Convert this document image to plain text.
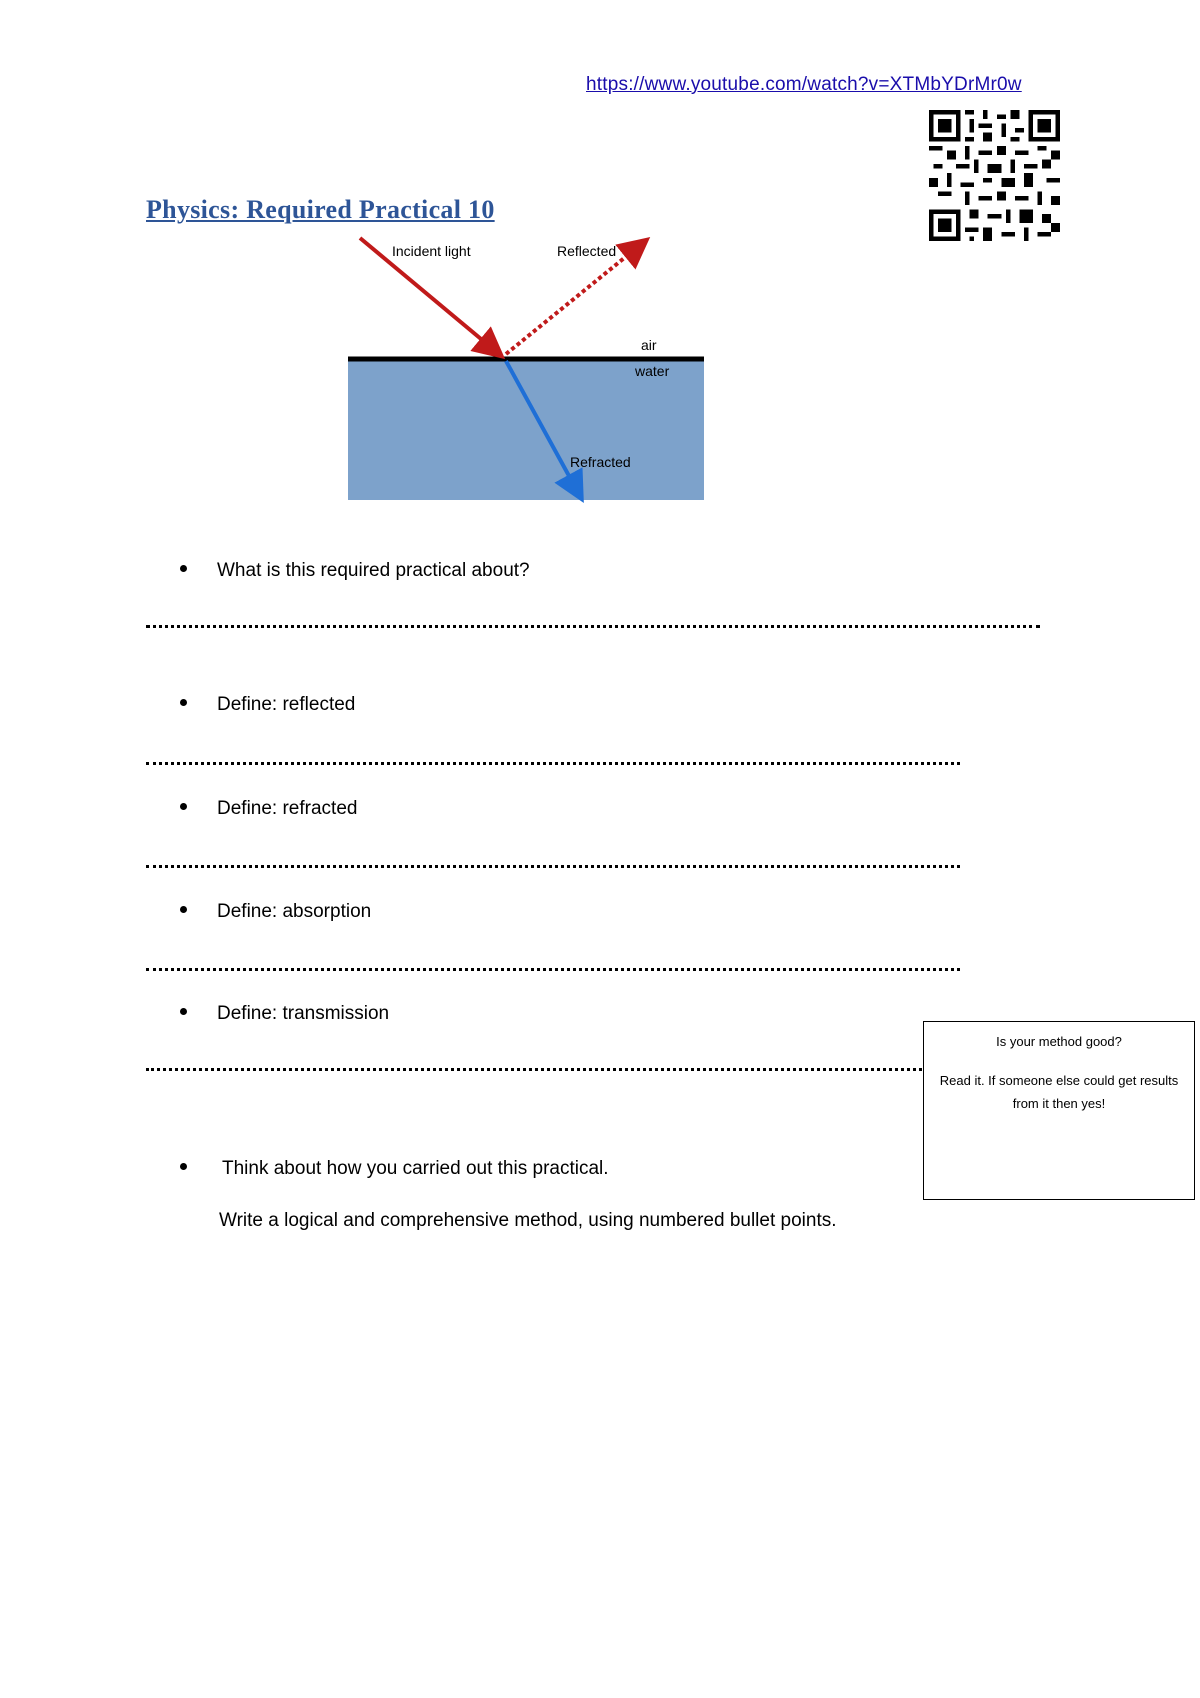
https://www.youtube.com/watch?v=XTMbYDrMr0w
Physics: Required Practical 10
Incident light	Reflected
air
water
Refracted
What is this required practical about?
Define: reflected
Define: refracted
Define: absorption
Define: transmission
Think about how you carried out this practical.
Write a logical and comprehensive method, using numbered bullet points.
Is your method good?
Read it. If someone else could get results from it then yes!
